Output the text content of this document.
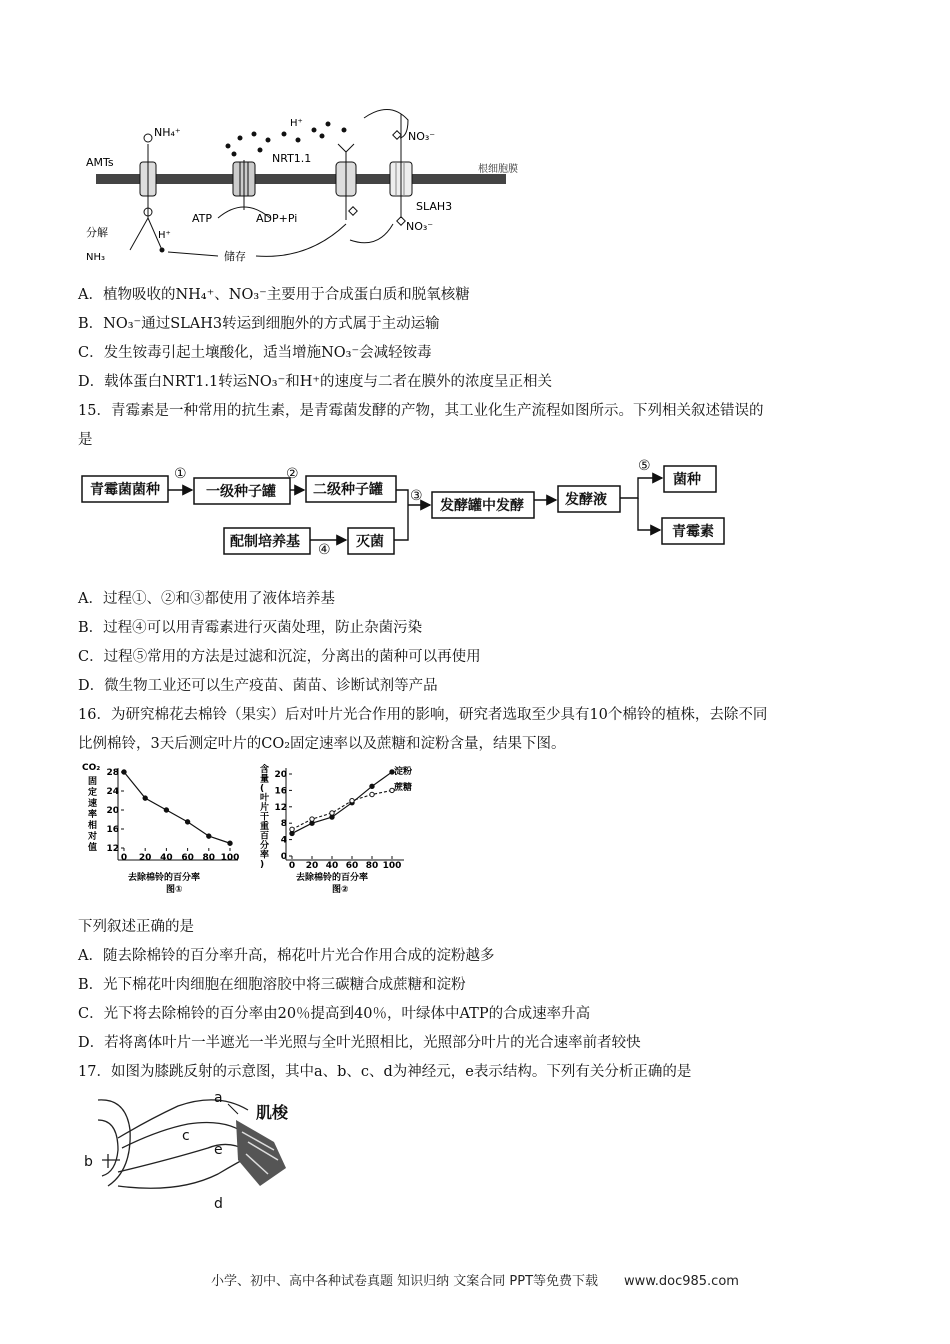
根细胞膜
AMTs
NH₄⁺
分解
NH₃
H⁺
ATP	ADP+Pi
H⁺
NRT1.1
SLAH3
NO₃⁻
NO₃⁻
储存
A．植物吸收的NH₄⁺、NO₃⁻主要用于合成蛋白质和脱氧核糖
B．NO₃⁻通过SLAH3转运到细胞外的方式属于主动运输
C．发生铵毒引起土壤酸化，适当增施NO₃⁻会减轻铵毒
D．载体蛋白NRT1.1转运NO₃⁻和H⁺的速度与二者在膜外的浓度呈正相关
15．青霉素是一种常用的抗生素，是青霉菌发酵的产物，其工业化生产流程如图所示。下列相关叙述错误的
是
青霉菌菌种	一级种子罐	二级种子罐
发酵罐中发酵	发酵液
菌种
青霉素
配制培养基	灭菌
①	②
③
④
⑤
A．过程①、②和③都使用了液体培养基
B．过程④可以用青霉素进行灭菌处理，防止杂菌污染
C．过程⑤常用的方法是过滤和沉淀，分离出的菌种可以再使用
D．微生物工业还可以生产疫苗、菌苗、诊断试剂等产品
16．为研究棉花去棉铃（果实）后对叶片光合作用的影响，研究者选取至少具有10个棉铃的植株，去除不同
比例棉铃，3天后测定叶片的CO₂固定速率以及蔗糖和淀粉含量，结果下图。
CO₂
固定速率相对值 12
16
20
24
28
0 20 40 60 80 100
去除棉铃的百分率
图①
含量(叶片干重百分率)
0
4
8
12
16
20
0 20 40 60 80 100
淀粉
蔗糖
去除棉铃的百分率
图②
下列叙述正确的是
A．随去除棉铃的百分率升高，棉花叶片光合作用合成的淀粉越多
B．光下棉花叶肉细胞在细胞溶胶中将三碳糖合成蔗糖和淀粉
C．光下将去除棉铃的百分率由20％提高到40％，叶绿体中ATP的合成速率升高
D．若将离体叶片一半遮光一半光照与全叶光照相比，光照部分叶片的光合速率前者较快
17．如图为膝跳反射的示意图，其中a、b、c、d为神经元，e表示结构。下列有关分析正确的是
a
b
c
e
d
肌梭
小学、初中、高中各种试卷真题 知识归纳 文案合同 PPT等免费下载　　www.doc985.com
